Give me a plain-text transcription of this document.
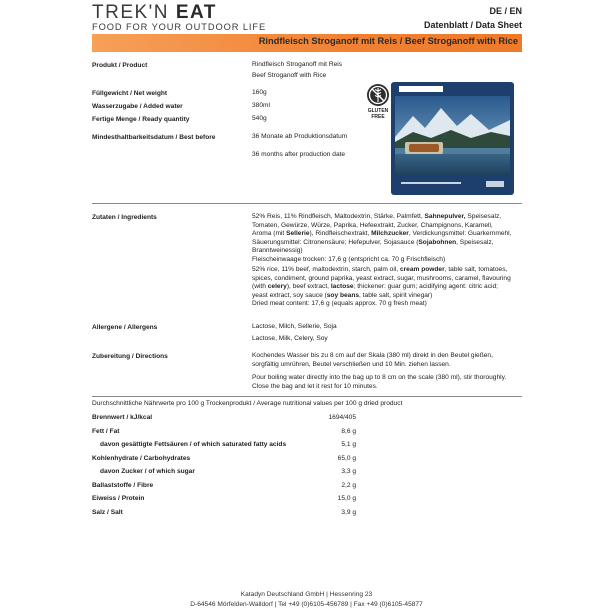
TREK'N EAT
FOOD FOR YOUR OUTDOOR LIFE
DE / EN
Datenblatt / Data Sheet
Rindfleisch Stroganoff mit Reis / Beef Stroganoff with Rice
Produkt / Product	Rindfleisch Stroganoff mit Reis
Beef Stroganoff with Rice
Füllgewicht / Net weight	160g
Wasserzugabe / Added water	380ml
Fertige Menge / Ready quantity	540g
Mindesthaltbarkeitsdatum / Best before	36 Monate ab Produktionsdatum
36 months after production date
GLUTEN
FREE
Zutaten / Ingredients	52% Reis, 11% Rindfleisch, Maltodextrin, Stärke, Palmfett, Sahnepulver, Speisesalz, Tomaten, Gewürze, Würze, Paprika, Hefeextrakt, Zucker, Champignons, Karamell, Aroma (mit Sellerie), Rindfleischextrakt, Milchzucker, Verdickungsmittel: Guarkernmehl, Säuerungsmittel: Citronensäure; Hefepulver, Sojasauce (Sojabohnen, Speisesalz, Branntweinessig)
Fleischeinwaage trocken: 17,6 g (entspricht ca. 70 g Frischfleisch)
52% rice, 11% beef, maltodextrin, starch, palm oil, cream powder, table salt, tomatoes, spices, condiment, ground paprika, yeast extract, sugar, mushrooms, caramel, flavouring (with celery), beef extract, lactose; thickener: guar gum; acidifying agent: citric acid; yeast extract, soy sauce (soy beans, table salt, spirit vinegar)
Dried meat content: 17,6 g (equals approx. 70 g fresh meat)
Allergene / Allergens	Lactose, Milch, Sellerie, Soja
Lactose, Milk, Celery, Soy
Zubereitung / Directions	Kochendes Wasser bis zu 8 cm auf der Skala (380 ml) direkt in den Beutel gießen, sorgfältig umrühren, Beutel verschließen und 10 Min. ziehen lassen.
Pour boiling water directly into the bag up to 8 cm on the scale (380 ml), stir thoroughly. Close the bag and let it rest for 10 minutes.
Durchschnittliche Nährwerte pro 100 g Trockenprodukt / Average nutritional values per 100 g dried product
Brennwert / kJ/kcal	1694/405
Fett / Fat	8,6 g
davon gesättigte Fettsäuren / of which saturated fatty acids	5,1 g
Kohlenhydrate / Carbohydrates	65,0 g
davon Zucker / of which sugar	3,3 g
Ballaststoffe / Fibre	2,2 g
Eiweiss / Protein	15,0 g
Salz / Salt	3,9 g
Katadyn Deutschland GmbH | Hessenring 23
D-64546 Mörfelden-Walldorf | Tel +49 (0)6105-456789 | Fax +49 (0)6105-45877
